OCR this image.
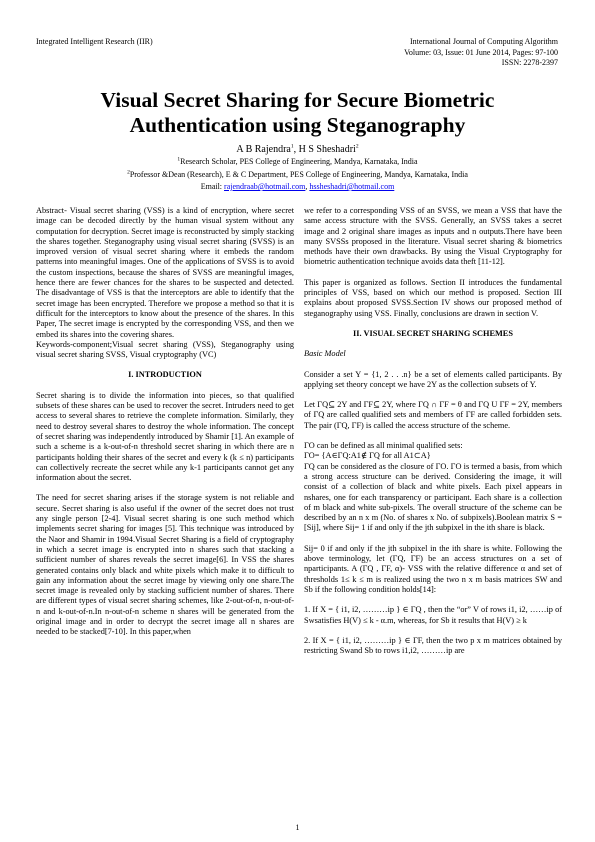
Integrated Intelligent Research (IIR)	International Journal of Computing Algorithm
Volume: 03, Issue: 01 June 2014, Pages: 97-100
ISSN: 2278-2397
Visual Secret Sharing for Secure Biometric
Authentication using Steganography
A B Rajendra$^1$, H S Sheshadri$^2$
$^1$Research Scholar, PES College of Engineering, Mandya, Karnataka, India
$^2$Professor &Dean (Research), E & C Department, PES College of Engineering, Mandya, Karnataka, India
Email: rajendraab@hotmail.com, hssheshadri@hotmail.com

Abstract- Visual secret sharing (VSS) is a kind of encryption, where secret image can be decoded directly by the human visual system without any computation for decryption. Secret image is reconstructed by simply stacking the shares together. Steganography using visual secret sharing (SVSS) is an improved version of visual secret sharing where it embeds the random patterns into meaningful images. One of the applications of SVSS is to avoid the custom inspections, because the shares of SVSS are meaningful images, hence there are fewer chances for the shares to be suspected and detected. The disadvantage of VSS is that the interceptors are able to identify that the secret image has been encrypted. Therefore we propose a method so that it is difficult for the interceptors to know about the presence of the shares. In this Paper, The secret image is encrypted by the corresponding VSS, and then we embed its shares into the covering shares.

Keywords-component;Visual secret sharing (VSS), Steganography using visual secret sharing SVSS, Visual cryptography (VC)

I. INTRODUCTION

Secret sharing is to divide the information into pieces, so that qualified subsets of these shares can be used to recover the secret. Intruders need to get access to several shares to retrieve the complete information. Similarly, they need to destroy several shares to destroy the whole information. The concept of secret sharing was independently introduced by Shamir [1]. An example of such a scheme is a k-out-of-n threshold secret sharing in which there are n participants holding their shares of the secret and every k (k ≤ n) participants can collectively recreate the secret while any k-1 participants cannot get any information about the secret.

The need for secret sharing arises if the storage system is not reliable and secure. Secret sharing is also useful if the owner of the secret does not trust any single person [2-4]. Visual secret sharing is one such method which implements secret sharing for images [5]. This technique was introduced by the Naor and Shamir in 1994.Visual Secret Sharing is a field of cryptography in which a secret image is encrypted into n shares such that stacking a sufficient number of shares reveals the secret image[6]. In VSS the shares generated contains only black and white pixels which make it to difficult to gain any information about the secret image by viewing only one share.The secret image is revealed only by stacking sufficient number of shares. There are different types of visual secret sharing schemes, like 2-out-of-n, n-out-of-n and k-out-of-n.In n-out-of-n scheme n shares will be generated from the original image and in order to decrypt the secret image all n shares are needed to be stacked[7-10]. In this paper,when

we refer to a corresponding VSS of an SVSS, we mean a VSS that have the same access structure with the SVSS. Generally, an SVSS takes a secret image and 2 original share images as inputs and n outputs.There have been many SVSSs proposed in the literature. Visual secret sharing & biometrics methods have their own drawbacks. By using the Visual Cryptography for biometric authentication technique avoids data theft [11-12].

This paper is organized as follows. Section II introduces the fundamental principles of VSS, based on which our method is proposed. Section III explains about proposed SVSS.Section IV shows our proposed method of steganography using VSS. Finally, conclusions are drawn in section V.

II. VISUAL SECRET SHARING SCHEMES

Basic Model

Consider a set Y = {1, 2 . . .n} be a set of elements called participants. By applying set theory concept we have 2Y as the collection subsets of Y.

Let ΓQ⊆ 2Y and ΓF⊆ 2Y, where ΓQ ∩ ΓF = θ and ΓQ U ΓF = 2Y, members of ΓQ are called qualified sets and members of ΓF are called forbidden sets. The pair (ΓQ, ΓF) is called the access structure of the scheme.

ΓO can be defined as all minimal qualified sets:

ΓO= {A∈ΓQ:A1∉ ΓQ for all A1⊂A}

ΓQ can be considered as the closure of ΓO. ΓO is termed a basis, from which a strong access structure can be derived. Considering the image, it will consist of a collection of black and white pixels. Each pixel appears in nshares, one for each transparency or participant. Each share is a collection of m black and white sub-pixels. The overall structure of the scheme can be described by an n x m (No. of shares x No. of subpixels).Boolean matrix S = [Sij], where Sij= 1 if and only if the jth subpixel in the ith share is black.

Sij= 0 if and only if the jth subpixel in the ith share is white. Following the above terminology, let (ΓQ, ΓF) be an access structures on a set of nparticipants. A (ΓQ , ΓF, α)- VSS with the relative difference α and set of thresholds 1≤ k ≤ m is realized using the two n x m basis matrices SW and Sb if the following condition holds[14]:

1. If X = { i1, i2, ………ip } ∈ ΓQ , then the “or” V of rows i1, i2, ……ip of Swsatisfies H(V) ≤ k - α.m, whereas, for Sb it results that H(V) ≥ k

2. If X = { i1, i2, ………ip } ∈ ΓF, then the two p x m matrices obtained by restricting Swand Sb to rows i1,i2, ………ip are

1
